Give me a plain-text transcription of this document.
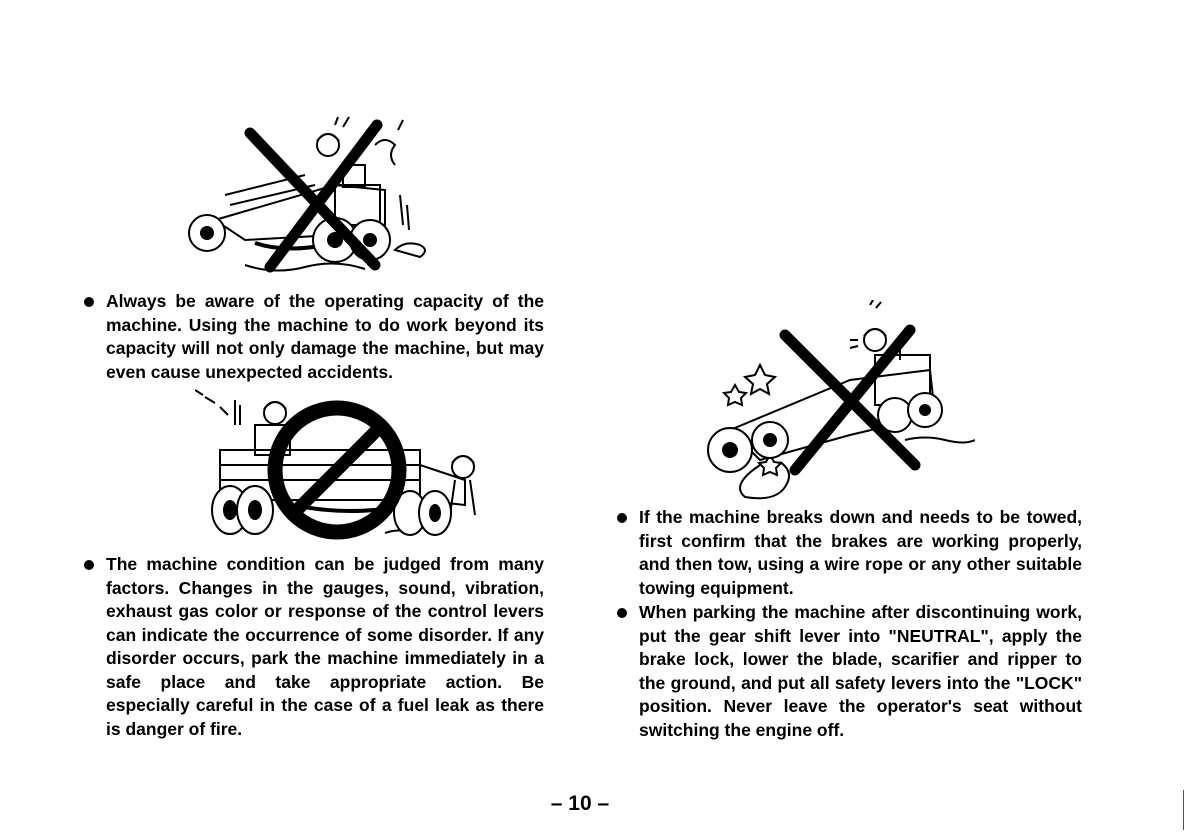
Always be aware of the operating capacity of the machine. Using the machine to do work beyond its capacity will not only damage the machine, but may even cause unexpected accidents.
The machine condition can be judged from many factors. Changes in the gauges, sound, vibration, exhaust gas color or response of the control levers can indicate the occurrence of some disorder. If any disorder occurs, park the machine immediately in a safe place and take appropriate action. Be especially careful in the case of a fuel leak as there is danger of fire.
If the machine breaks down and needs to be towed, first confirm that the brakes are working properly, and then tow, using a wire rope or any other suitable towing equipment.
When parking the machine after discontinuing work, put the gear shift lever into "NEUTRAL", apply the brake lock, lower the blade, scarifier and ripper to the ground, and put all safety levers into the "LOCK" position. Never leave the operator's seat without switching the engine off.
– 10 –
